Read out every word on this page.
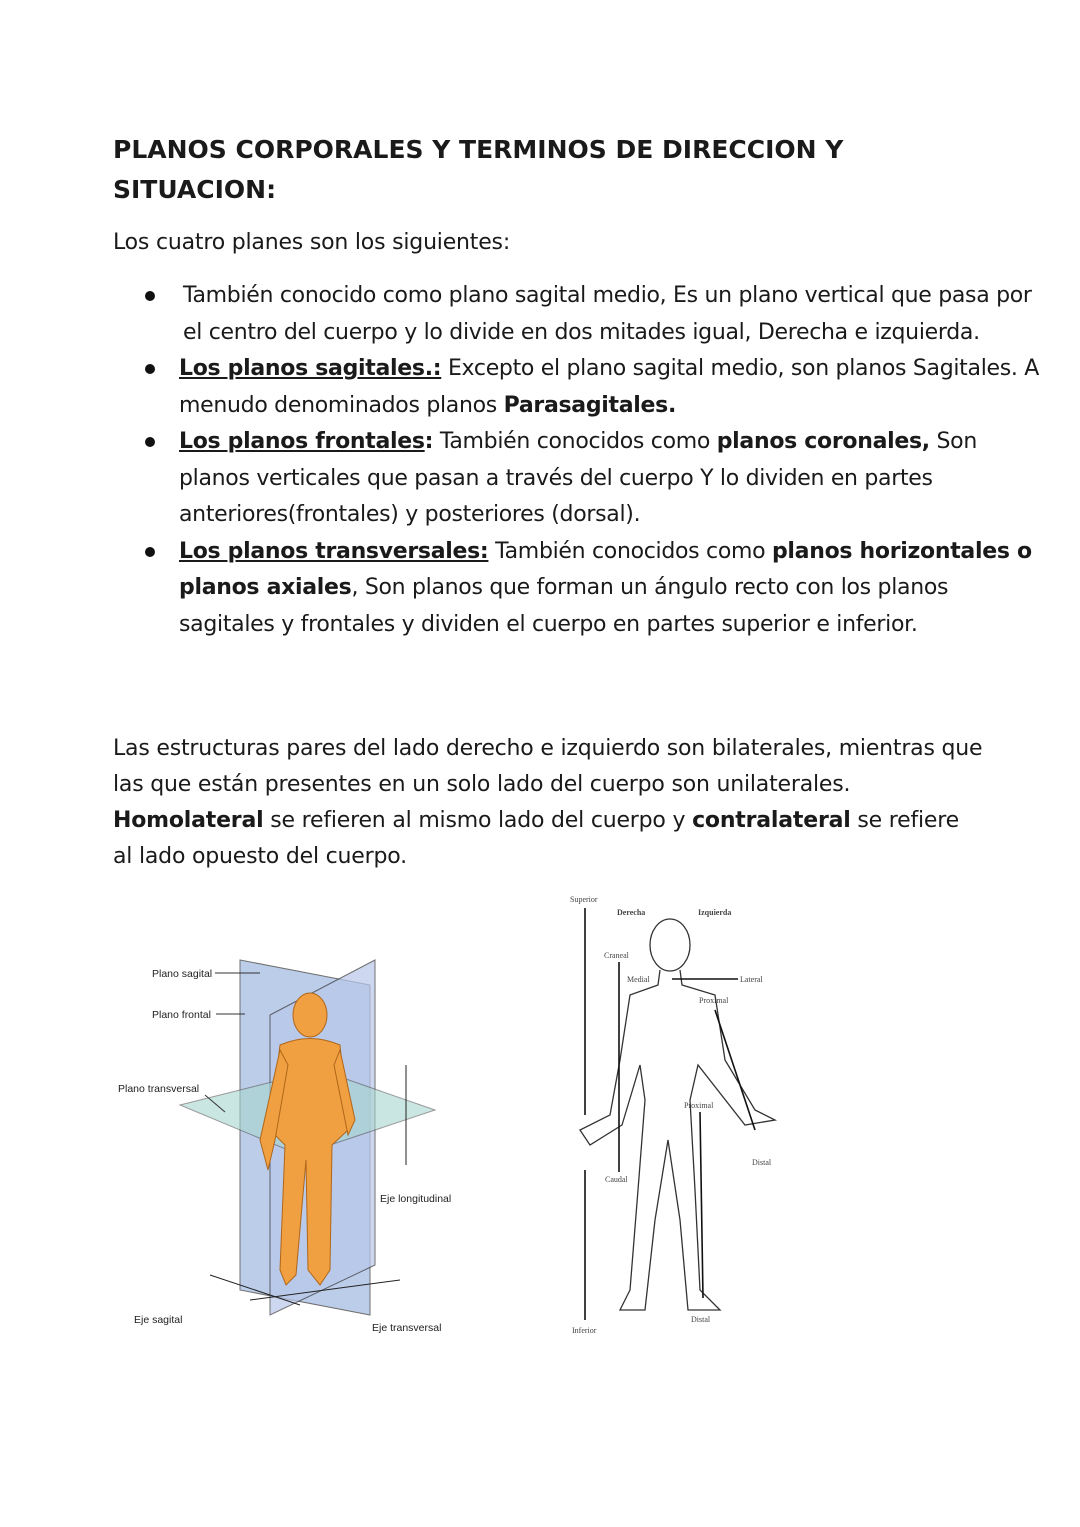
PLANOS CORPORALES Y TERMINOS DE DIRECCION Y SITUACION:

Los cuatro planes son los siguientes:

También conocido como plano sagital medio, Es un plano vertical que pasa por el centro del cuerpo y lo divide en dos mitades igual, Derecha e izquierda.
Los planos sagitales.: Excepto el plano sagital medio, son planos Sagitales. A menudo denominados planos Parasagitales.
Los planos frontales: También conocidos como planos coronales, Son planos verticales que pasan a través del cuerpo Y lo dividen en partes anteriores(frontales) y posteriores (dorsal).
Los planos transversales: También conocidos como planos horizontales o planos axiales, Son planos que forman un ángulo recto con los planos sagitales y frontales y dividen el cuerpo en partes superior e inferior.

Las estructuras pares del lado derecho e izquierdo son bilaterales, mientras que las que están presentes en un solo lado del cuerpo son unilaterales. Homolateral se refieren al mismo lado del cuerpo y contralateral se refiere al lado opuesto del cuerpo.

Plano sagital
Plano frontal
Plano transversal
Eje longitudinal
Eje sagital
Eje transversal
Superior
Inferior
Derecha	Izquierda
Craneal
Caudal
Medial	Lateral
Proximal
Distal
Proximal
Distal
